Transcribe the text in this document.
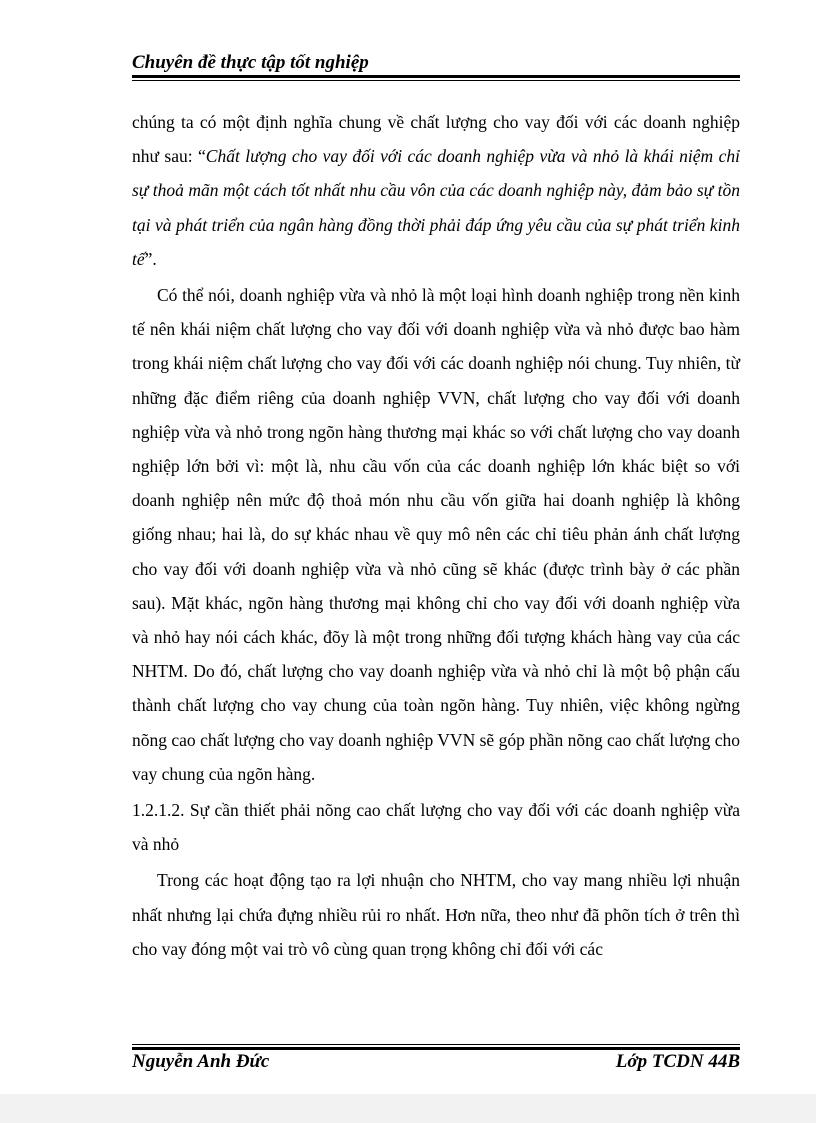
Chuyên đề thực tập tốt nghiệp

chúng ta có một định nghĩa chung về chất lượng cho vay đối với các doanh nghiệp như sau: “Chất lượng cho vay đối với các doanh nghiệp vừa và nhỏ là khái niệm chỉ sự thoả mãn một cách tốt nhất nhu cầu vôn của các doanh nghiệp này, đảm bảo sự tồn tại và phát triển của ngân hàng đồng thời phải đáp ứng yêu cầu của sự phát triển kinh tế”.

Có thể nói, doanh nghiệp vừa và nhỏ là một loại hình doanh nghiệp trong nền kinh tế nên khái niệm chất lượng cho vay đối với doanh nghiệp vừa và nhỏ được bao hàm trong khái niệm chất lượng cho vay đối với các doanh nghiệp nói chung. Tuy nhiên, từ những đặc điểm riêng của doanh nghiệp VVN, chất lượng cho vay đối với doanh nghiệp vừa và nhỏ trong ngõn hàng thương mại khác so với chất lượng cho vay doanh nghiệp lớn bởi vì: một là, nhu cầu vốn của các doanh nghiệp lớn khác biệt so với doanh nghiệp nên mức độ thoả món nhu cầu vốn giữa hai doanh nghiệp là không giống nhau; hai là, do sự khác nhau về quy mô nên các chỉ tiêu phản ánh chất lượng cho vay đối với doanh nghiệp vừa và nhỏ cũng sẽ khác (được trình bày ở các phần sau). Mặt khác, ngõn hàng thương mại không chỉ cho vay đối với doanh nghiệp vừa và nhỏ hay nói cách khác, đõy là một trong những đối tượng khách hàng vay của các NHTM. Do đó, chất lượng cho vay doanh nghiệp vừa và nhỏ chỉ là một bộ phận cấu thành chất lượng cho vay chung của toàn ngõn hàng. Tuy nhiên, việc không ngừng nõng cao chất lượng cho vay doanh nghiệp VVN sẽ góp phần nõng cao chất lượng cho vay chung của ngõn hàng.

1.2.1.2. Sự cần thiết phải nõng cao chất lượng cho vay đối với các doanh nghiệp vừa và nhỏ

Trong các hoạt động tạo ra lợi nhuận cho NHTM, cho vay mang nhiều lợi nhuận nhất nhưng lại chứa đựng nhiều rủi ro nhất. Hơn nữa, theo như đã phõn tích ở trên thì cho vay đóng một vai trò vô cùng quan trọng không chỉ đối với các

Nguyễn Anh Đức	Lớp TCDN 44B
